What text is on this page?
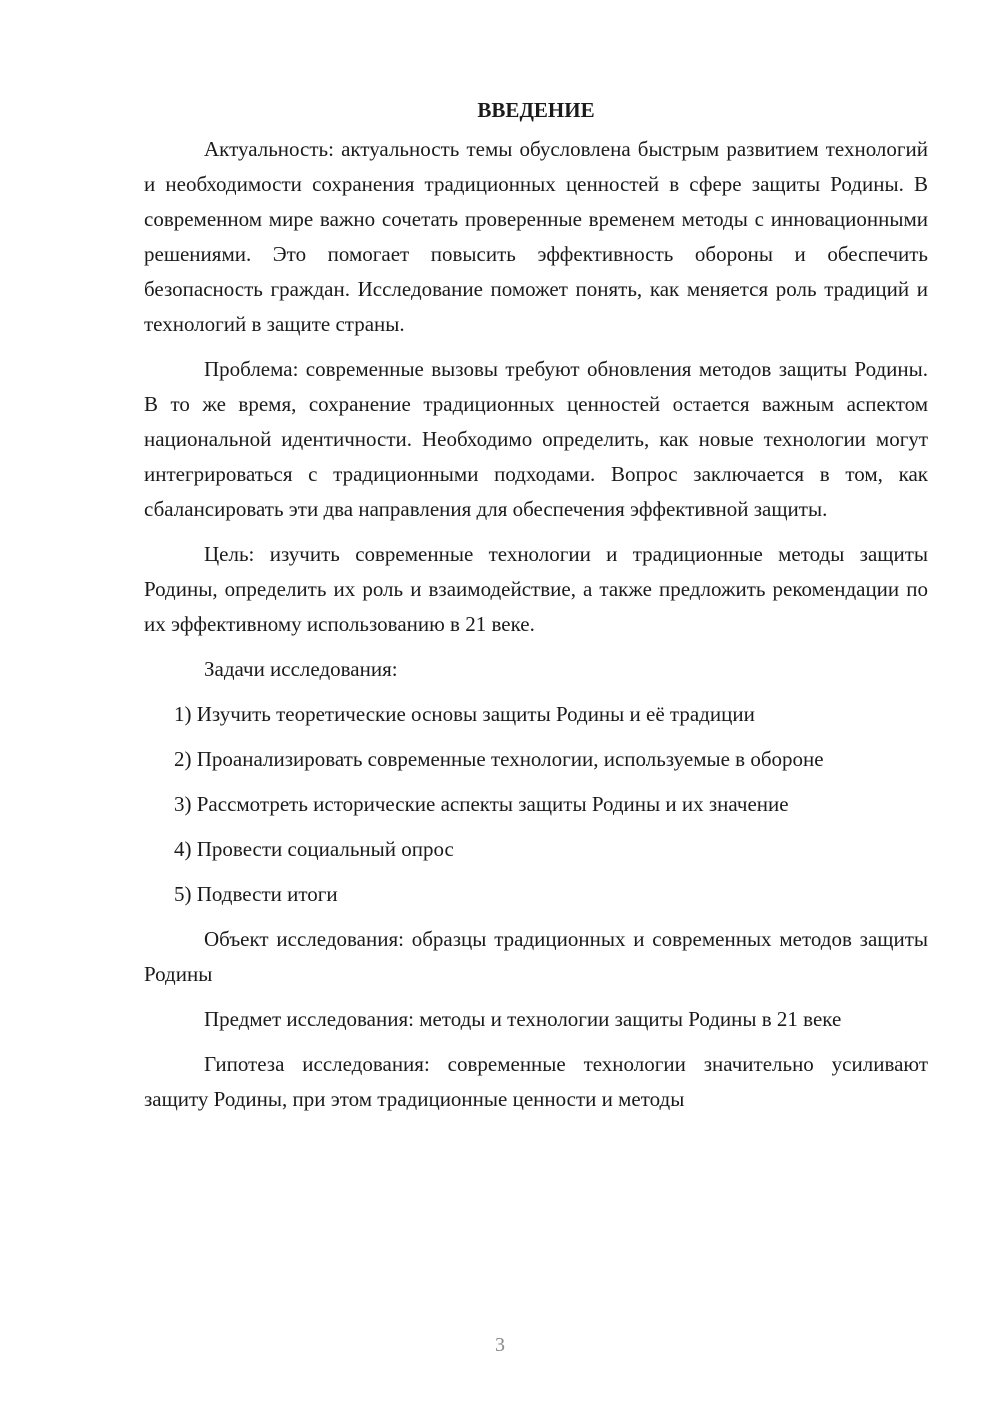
ВВЕДЕНИЕ

Актуальность: актуальность темы обусловлена быстрым развитием технологий и необходимости сохранения традиционных ценностей в сфере защиты Родины. В современном мире важно сочетать проверенные временем методы с инновационными решениями. Это помогает повысить эффективность обороны и обеспечить безопасность граждан. Исследование поможет понять, как меняется роль традиций и технологий в защите страны.

Проблема: современные вызовы требуют обновления методов защиты Родины. В то же время, сохранение традиционных ценностей остается важным аспектом национальной идентичности. Необходимо определить, как новые технологии могут интегрироваться с традиционными подходами. Вопрос заключается в том, как сбалансировать эти два направления для обеспечения эффективной защиты.

Цель: изучить современные технологии и традиционные методы защиты Родины, определить их роль и взаимодействие, а также предложить рекомендации по их эффективному использованию в 21 веке.

Задачи исследования:

1) Изучить теоретические основы защиты Родины и её традиции

2) Проанализировать современные технологии, используемые в обороне

3) Рассмотреть исторические аспекты защиты Родины и их значение

4) Провести социальный опрос

5) Подвести итоги

Объект исследования: образцы традиционных и современных методов защиты Родины

Предмет исследования: методы и технологии защиты Родины в 21 веке

Гипотеза исследования: современные технологии значительно усиливают защиту Родины, при этом традиционные ценности и методы

3
